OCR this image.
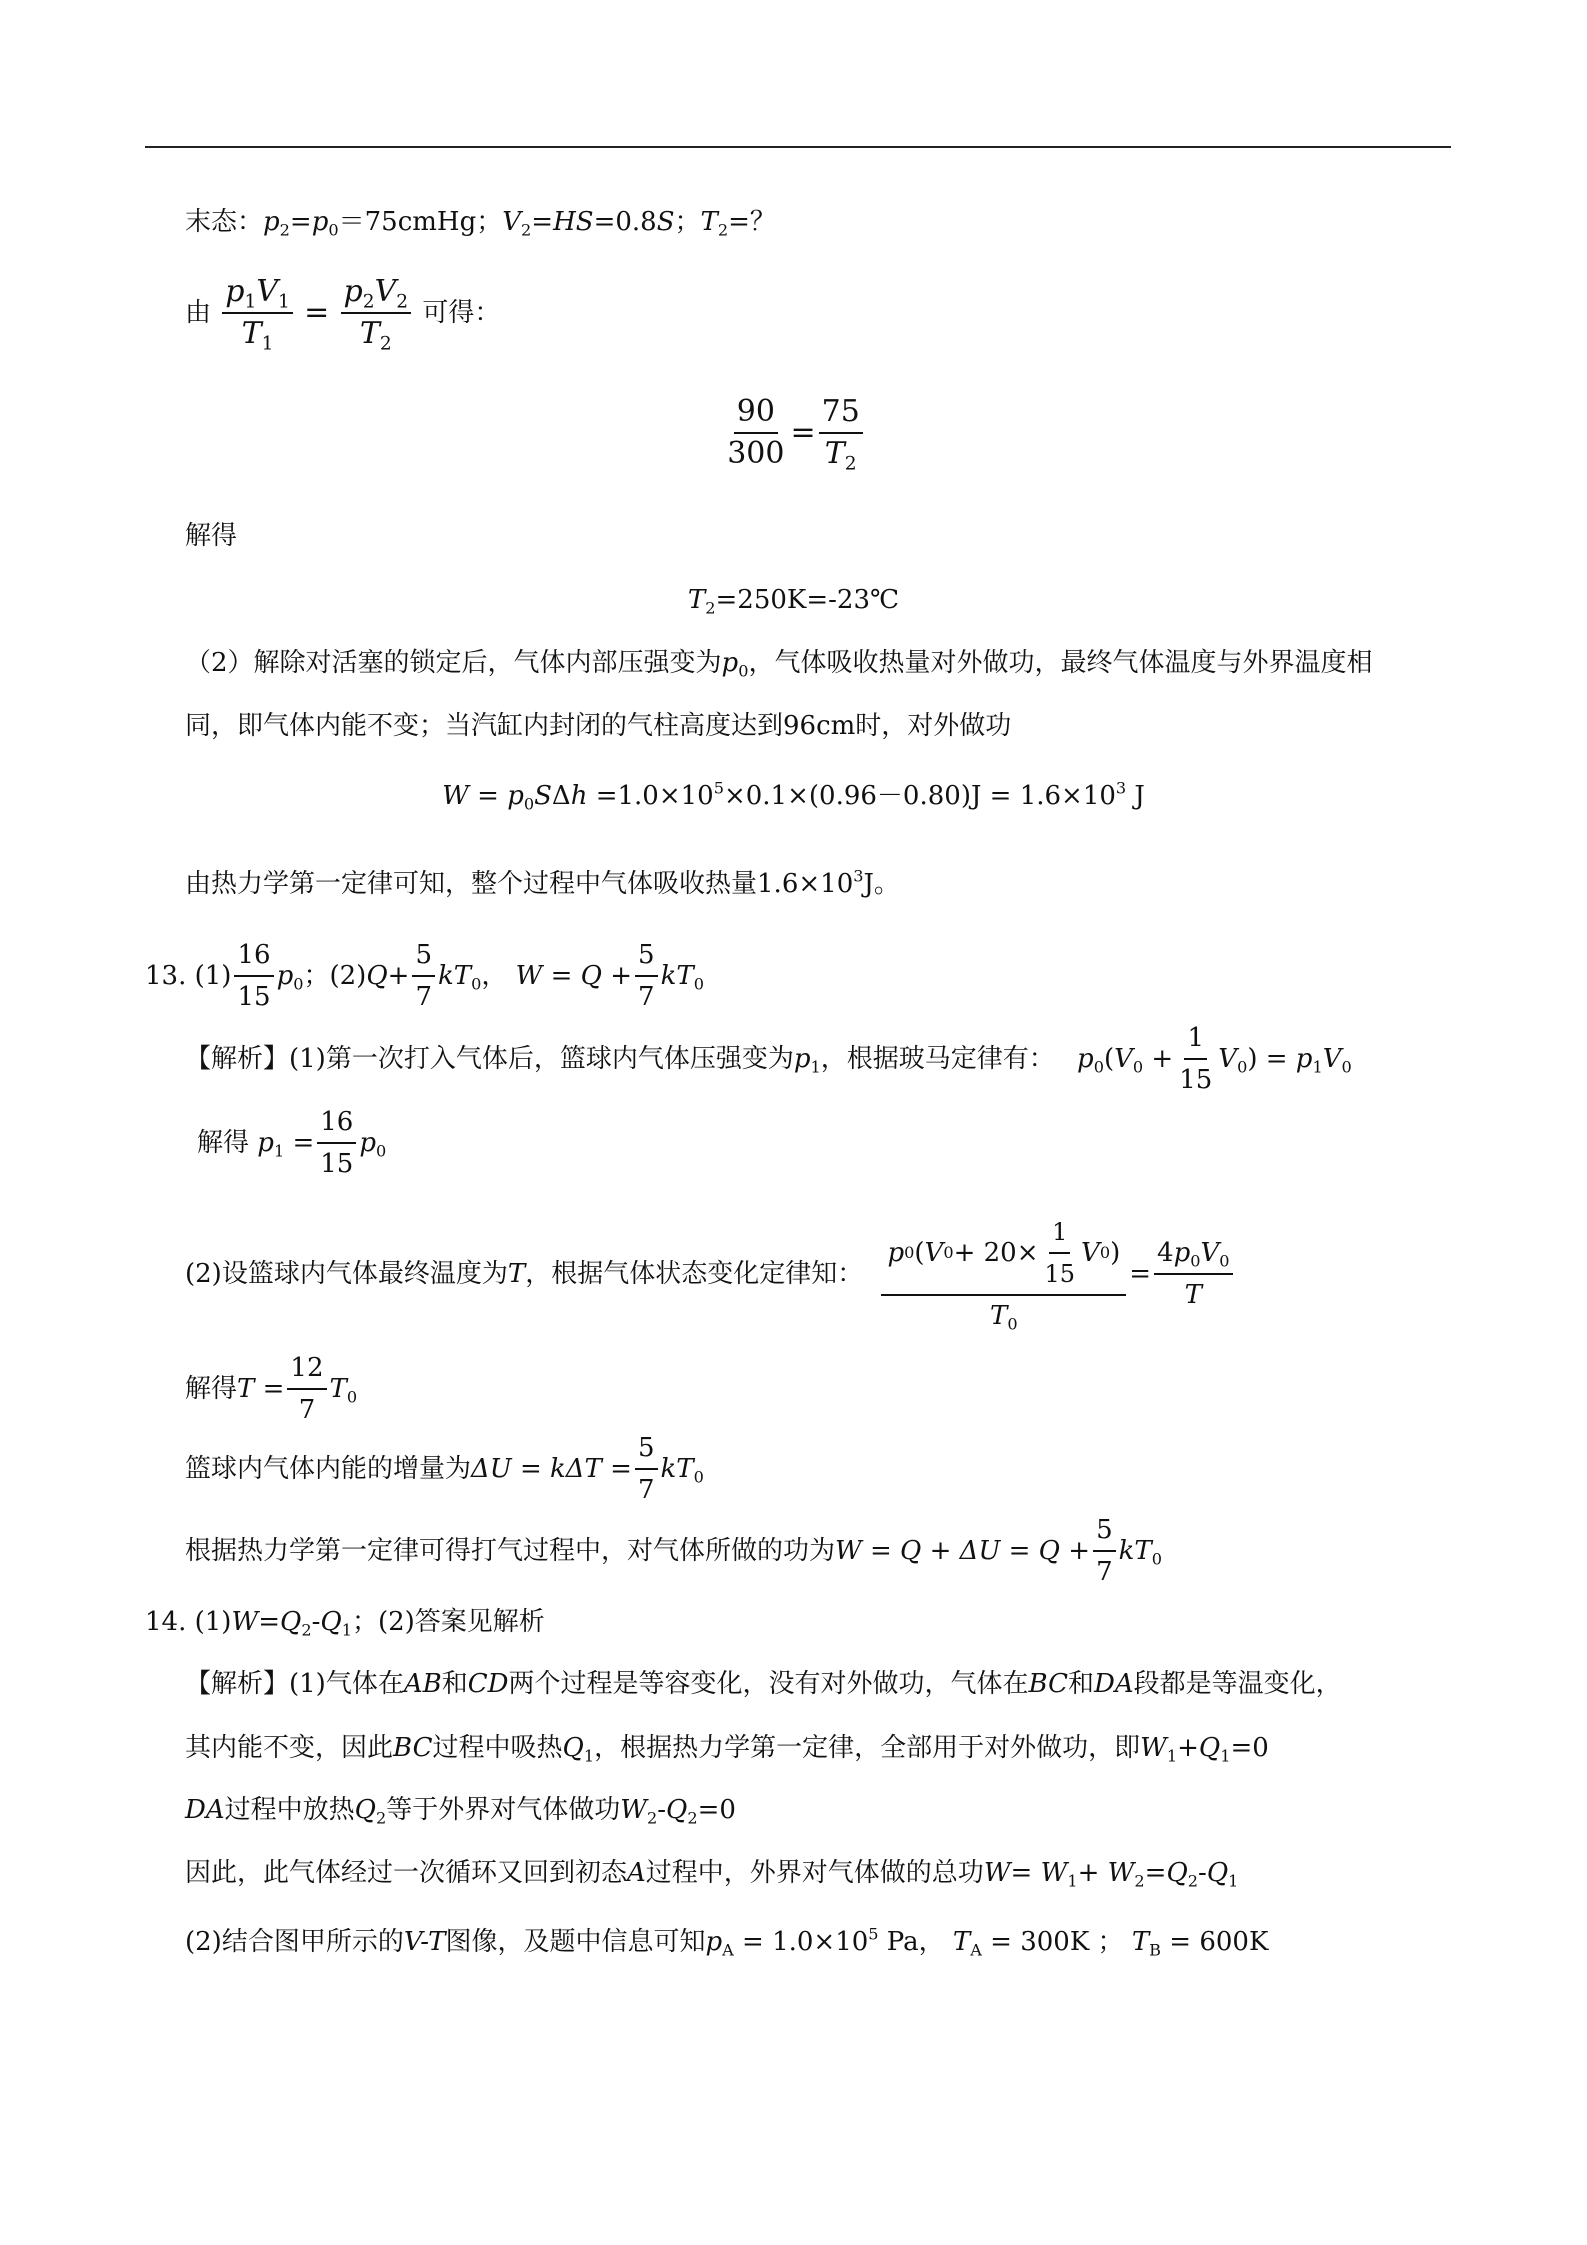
末态：$p_2=p_0=75cmHg$；$V_2=HS=0.8S$；$T_2=$？
由 $\frac{p_1V_1}{T_1} = \frac{p_2V_2}{T_2}$ 可得：
$\frac{90}{300} = \frac{75}{T_2}$
解得
$T_2=250K=-23℃$
（2）解除对活塞的锁定后，气体内部压强变为$p_0$，气体吸收热量对外做功，最终气体温度与外界温度相
同，即气体内能不变；当汽缸内封闭的气柱高度达到96cm时，对外做功
$W = p_0S\Delta h =1.0\times 10^5\times 0.1\times(0.96-0.80)J = 1.6\times 10^3$ J
由热力学第一定律可知，整个过程中气体吸收热量$1.6\times 10^3J$。
13. $(1) \frac{16}{15} p_0$；$(2)Q+ \frac{5}{7} kT_0$， $W = Q + \frac{5}{7} kT_0$
【解析】(1)第一次打入气体后，篮球内气体压强变为$p_1$，根据玻马定律有： $p_0(V_0 + \frac{1}{15} V_0) = p_1V_0$
解得 $p_1 = \frac{16}{15} p_0$
(2)设篮球内气体最终温度为T，根据气体状态变化定律知： $\frac{p 0 ( V 0 + 20\times \frac{1}{15} V 0 )}{T_0} = \frac{4p_0V_0}{T}$
解得$T = \frac{12}{7} T_0$
篮球内气体内能的增量为$\Delta U = k\Delta T = \frac{5}{7} kT_0$
根据热力学第一定律可得打气过程中，对气体所做的功为$W = Q + \Delta U = Q + \frac{5}{7} kT_0$
14. $(1)W=Q_2-Q_1$；(2)答案见解析
【解析】(1)气体在AB和CD两个过程是等容变化，没有对外做功，气体在BC和DA段都是等温变化，
其内能不变，因此BC过程中吸热$Q_1$，根据热力学第一定律，全部用于对外做功，即$W_1+Q_1=0$
DA过程中放热$Q_2$等于外界对气体做功$W_2-Q_2=0$
因此，此气体经过一次循环又回到初态A过程中，外界对气体做的总功$W= W_1+ W_2=Q_2-Q_1$
(2)结合图甲所示的V-T图像，及题中信息可知$p_A = 1.0\times 10^5$ Pa， $T_A = 300K$ ； $T_B = 600K$
